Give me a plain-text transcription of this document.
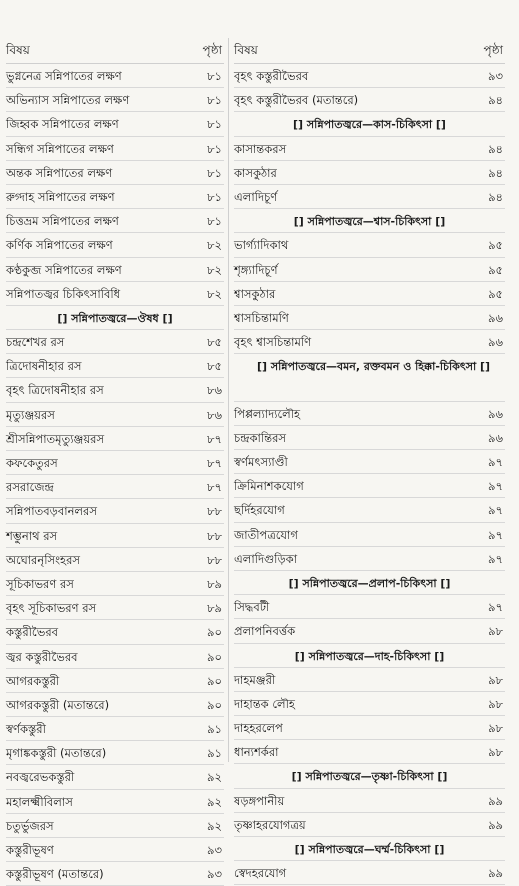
বিষয়	পৃষ্ঠা
ভুগ্ননেত্র সন্নিপাতের লক্ষণ	৮১
অভিন্যাস সন্নিপাতের লক্ষণ	৮১
জিহ্বক সন্নিপাতের লক্ষণ	৮১
সন্ধিগ সন্নিপাতের লক্ষণ	৮১
অন্তক সন্নিপাতের লক্ষণ	৮১
রুগ্দাহ সন্নিপাতের লক্ষণ	৮১
চিত্তভ্রম সন্নিপাতের লক্ষণ	৮১
কর্ণিক সন্নিপাতের লক্ষণ	৮২
কণ্ঠকুব্জ সন্নিপাতের লক্ষণ	৮২
সন্নিপাতজ্বর চিকিৎসাবিধি	৮২
[] সন্নিপাতজ্বরে—ঔষধ []
চন্দ্রশেখর রস	৮৫
ত্রিদোষনীহার রস	৮৫
বৃহৎ ত্রিদোষনীহার রস	৮৬
মৃত্যুঞ্জয়রস	৮৬
শ্রীসন্নিপাতমৃত্যুঞ্জয়রস	৮৭
কফকেতুরস	৮৭
রসরাজেন্দ্র	৮৭
সন্নিপাতবড়বানলরস	৮৮
শম্ভুনাথ রস	৮৮
অঘোরনৃসিংহরস	৮৮
সূচিকাভরণ রস	৮৯
বৃহৎ সূচিকাভরণ রস	৮৯
কস্তুরীভৈরব	৯০
জ্বর কস্তুরীভৈরব	৯০
আগরকস্তুরী	৯০
আগরকস্তুরী (মতান্তরে)	৯০
স্বর্ণকস্তুরী	৯১
মৃগাঙ্ককস্তুরী (মতান্তরে)	৯১
নবজ্বরেভকস্তুরী	৯২
মহালক্ষ্মীবিলাস	৯২
চতুর্ভুজরস	৯২
কস্তুরীভূষণ	৯৩
কস্তুরীভূষণ (মতান্তরে)	৯৩
বিষয়	পৃষ্ঠা
বৃহৎ কস্তুরীভৈরব	৯৩
বৃহৎ কস্তুরীভৈরব (মতান্তরে)	৯৪
[] সন্নিপাতজ্বরে—কাস-চিকিৎসা []
কাসান্তকরস	৯৪
কাসকুঠার	৯৪
এলাদিচূর্ণ	৯৪
[] সন্নিপাতজ্বরে—শ্বাস-চিকিৎসা []
ভার্গ্যাদিকাথ	৯৫
শৃঙ্গ্যাদিচূর্ণ	৯৫
শ্বাসকুঠার	৯৫
শ্বাসচিন্তামণি	৯৬
বৃহৎ শ্বাসচিন্তামণি	৯৬
[] সন্নিপাতজ্বরে—বমন, রক্তবমন ও হিক্কা-চিকিৎসা []
পিপ্পল্যাদ্যলৌহ	৯৬
চন্দ্রকান্তিরস	৯৬
স্বর্ণমৎস্যাণ্ডী	৯৭
ক্রিমিনাশকযোগ	৯৭
ছর্দিহরযোগ	৯৭
জাতীপত্রযোগ	৯৭
এলাদিগুড়িকা	৯৭
[] সন্নিপাতজ্বরে—প্রলাপ-চিকিৎসা []
সিদ্ধবটী	৯৭
প্রলাপনিবর্ত্তক	৯৮
[] সন্নিপাতজ্বরে—দাহ-চিকিৎসা []
দাহমঞ্জরী	৯৮
দাহান্তক লৌহ	৯৮
দাহহরলেপ	৯৮
ধান্যশর্করা	৯৮
[] সন্নিপাতজ্বরে—তৃষ্ণা-চিকিৎসা []
ষড়ঙ্গপানীয়	৯৯
তৃষ্ণাহরযোগত্রয়	৯৯
[] সন্নিপাতজ্বরে—ঘর্ম্ম-চিকিৎসা []
স্বেদহরযোগ	৯৯
